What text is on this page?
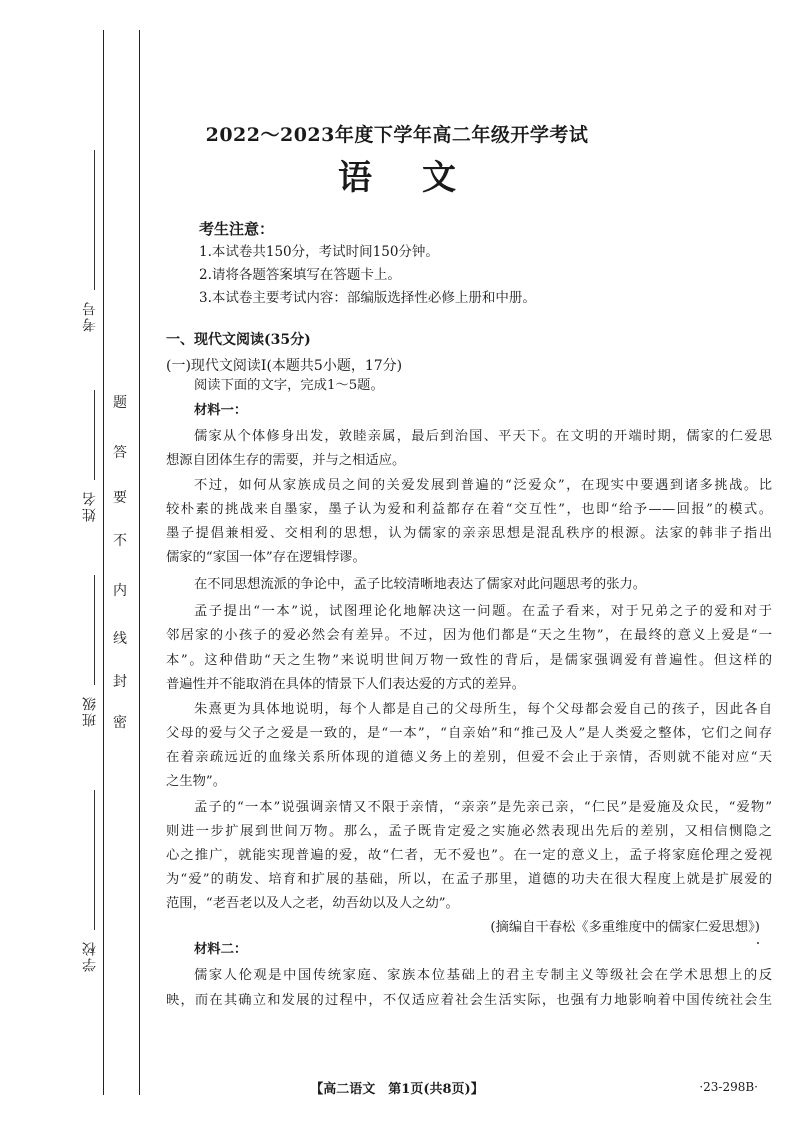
考号
姓名
班级
学校
密
封
线
内
不
要
答
题
2022～2023年度下学年高二年级开学考试
语文
考生注意：
1.本试卷共150分，考试时间150分钟。
2.请将各题答案填写在答题卡上。
3.本试卷主要考试内容：部编版选择性必修上册和中册。
一、现代文阅读(35分)
(一)现代文阅读Ⅰ(本题共5小题，17分)
阅读下面的文字，完成1～5题。
材料一：
儒家从个体修身出发，敦睦亲属，最后到治国、平天下。在文明的开端时期，儒家的仁爱思
想源自团体生存的需要，并与之相适应。
不过，如何从家族成员之间的关爱发展到普遍的“泛爱众”，在现实中要遇到诸多挑战。比
较朴素的挑战来自墨家，墨子认为爱和利益都存在着“交互性”，也即“给予——回报”的模式。
墨子提倡兼相爱、交相利的思想，认为儒家的亲亲思想是混乱秩序的根源。法家的韩非子指出
儒家的“家国一体”存在逻辑悖谬。
在不同思想流派的争论中，孟子比较清晰地表达了儒家对此问题思考的张力。
孟子提出“一本”说，试图理论化地解决这一问题。在孟子看来，对于兄弟之子的爱和对于
邻居家的小孩子的爱必然会有差异。不过，因为他们都是“天之生物”，在最终的意义上爱是“一
本”。这种借助“天之生物”来说明世间万物一致性的背后，是儒家强调爱有普遍性。但这样的
普遍性并不能取消在具体的情景下人们表达爱的方式的差异。
朱熹更为具体地说明，每个人都是自己的父母所生，每个父母都会爱自己的孩子，因此各自
父母的爱与父子之爱是一致的，是“一本”，“自亲始”和“推己及人”是人类爱之整体，它们之间存
在着亲疏远近的血缘关系所体现的道德义务上的差别，但爱不会止于亲情，否则就不能对应“天
之生物”。
孟子的“一本”说强调亲情又不限于亲情，“亲亲”是先亲己亲，“仁民”是爱施及众民，“爱物”
则进一步扩展到世间万物。那么，孟子既肯定爱之实施必然表现出先后的差别，又相信恻隐之
心之推广，就能实现普遍的爱，故“仁者，无不爱也”。在一定的意义上，孟子将家庭伦理之爱视
为“爱”的萌发、培育和扩展的基础，所以，在孟子那里，道德的功夫在很大程度上就是扩展爱的
范围，“老吾老以及人之老，幼吾幼以及人之幼”。
(摘编自干春松《多重维度中的儒家仁爱思想》)
材料二：
儒家人伦观是中国传统家庭、家族本位基础上的君主专制主义等级社会在学术思想上的反
映，而在其确立和发展的过程中，不仅适应着社会生活实际，也强有力地影响着中国传统社会生
【高二语文　第1页(共8页)】	·23-298B·
